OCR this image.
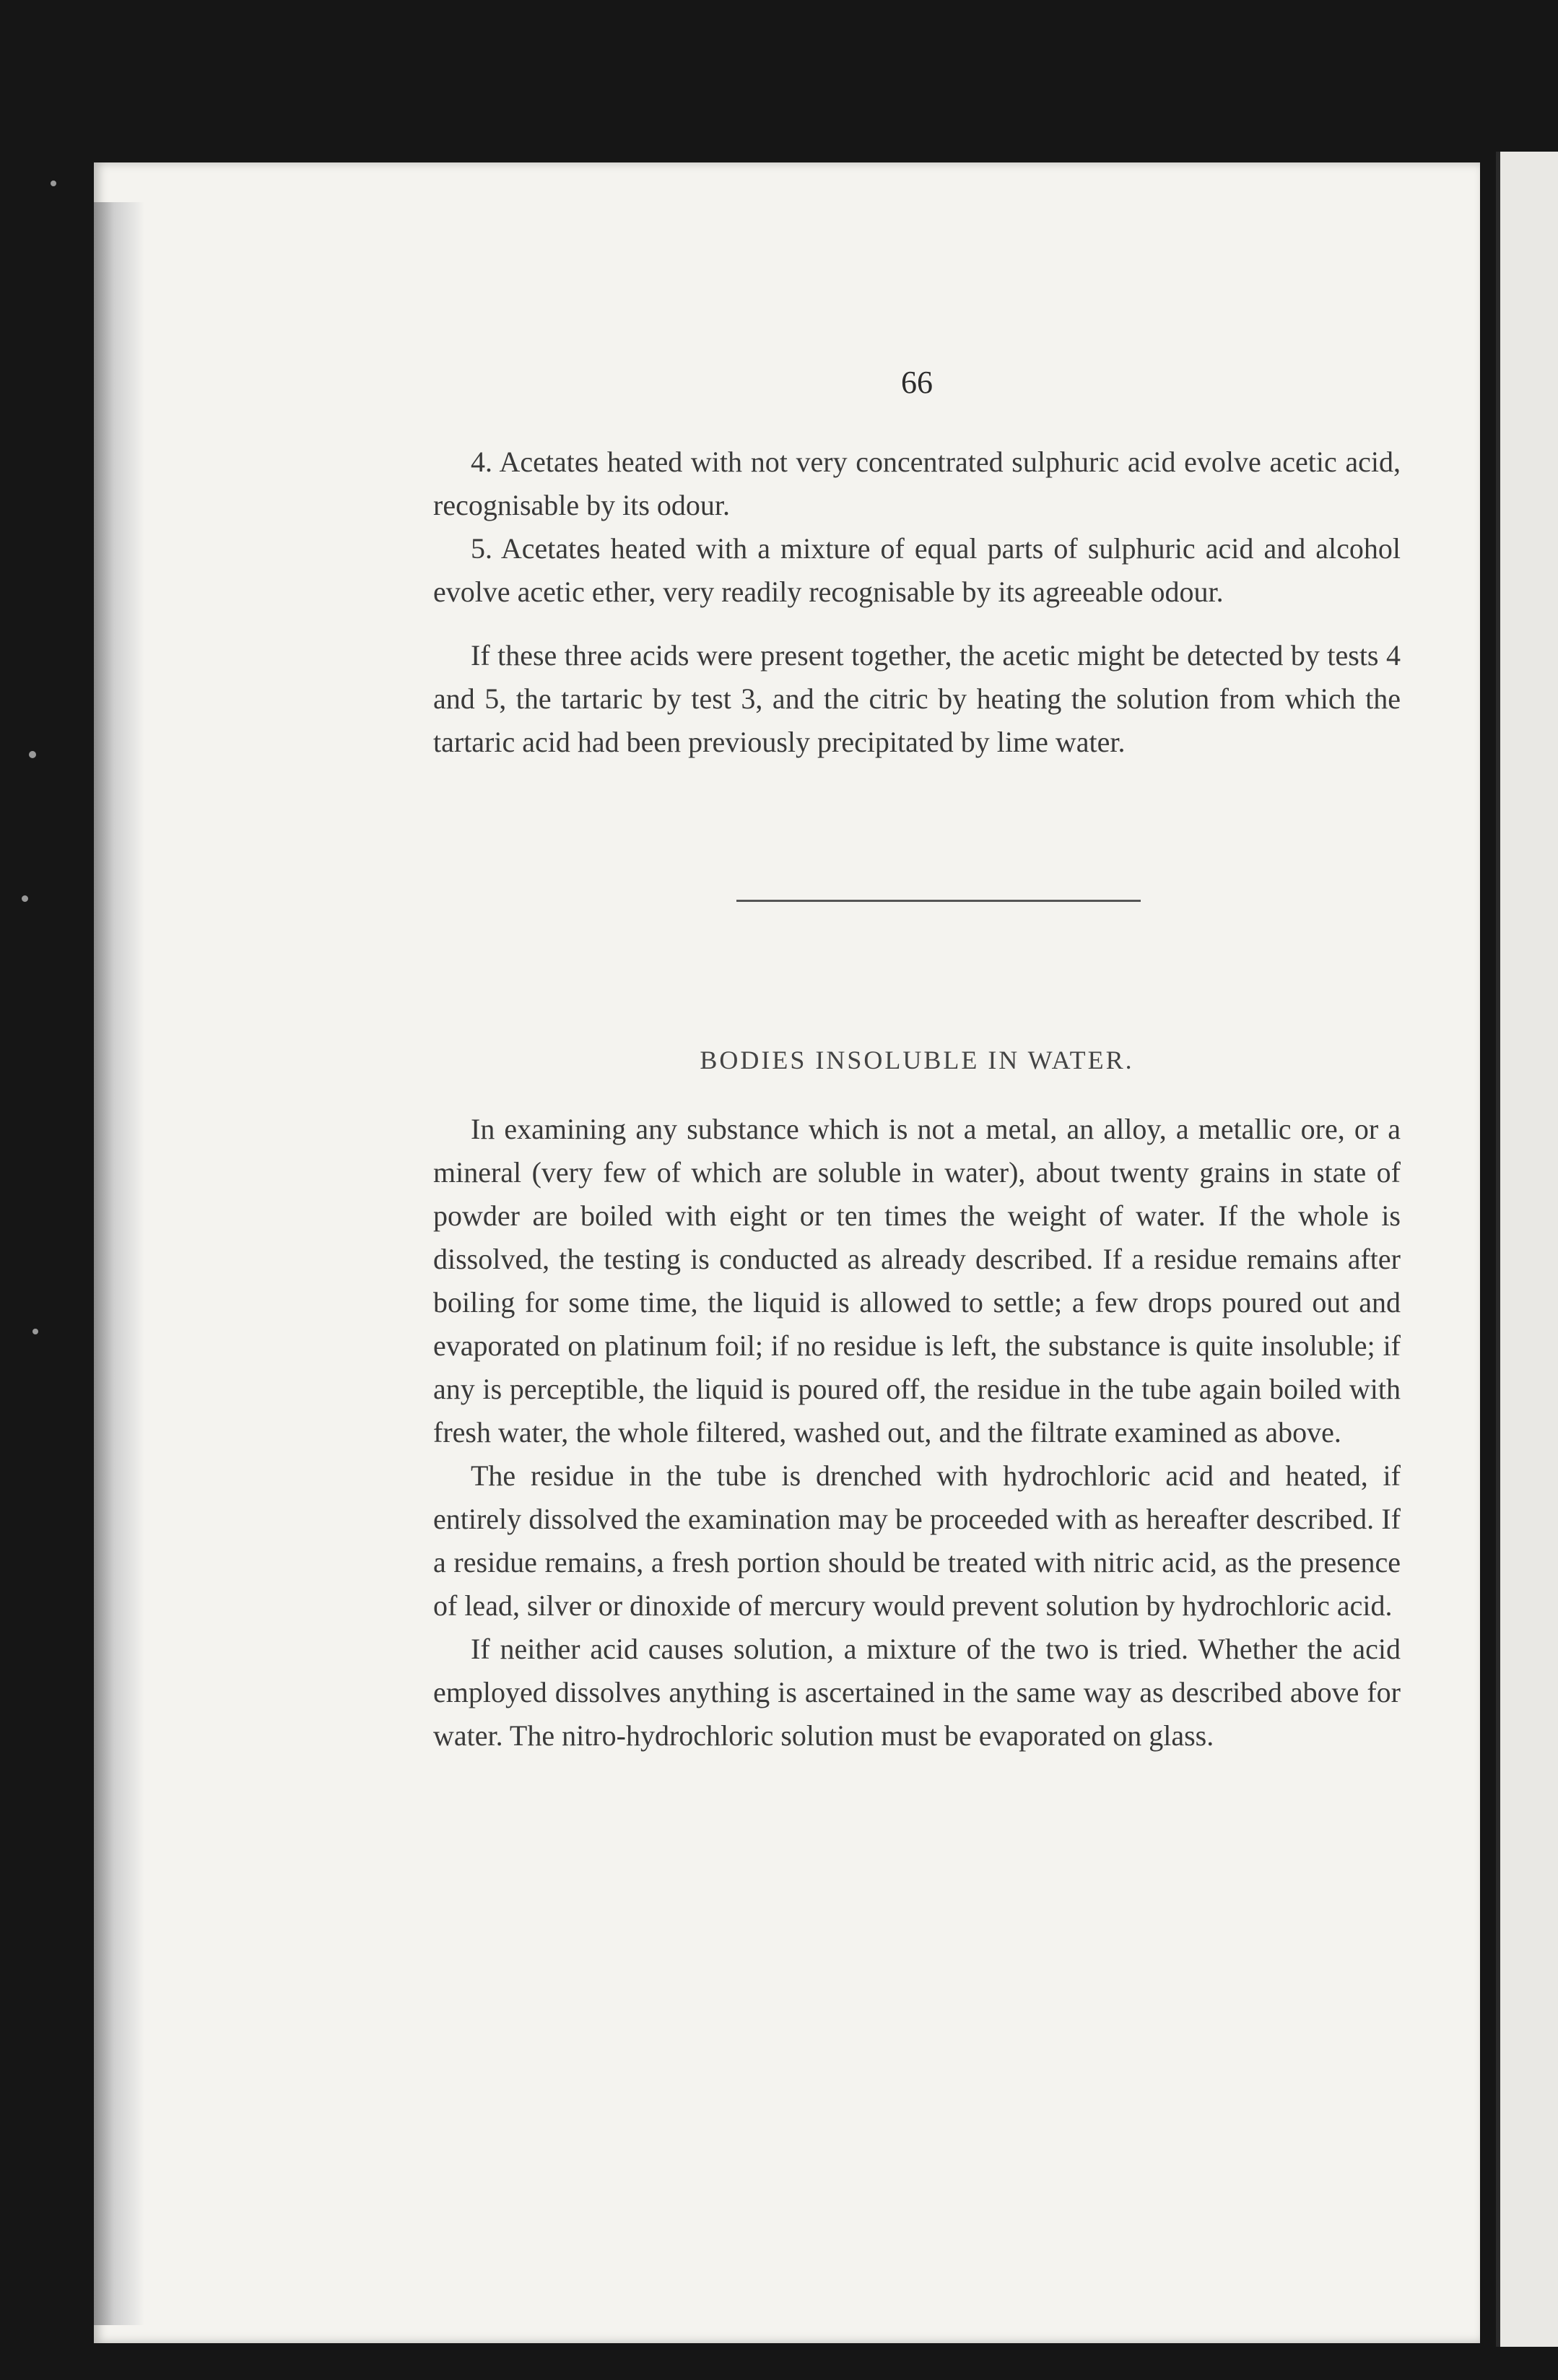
66

4. Acetates heated with not very concentrated sulphuric acid evolve acetic acid, recognisable by its odour.

5. Acetates heated with a mixture of equal parts of sulphuric acid and alcohol evolve acetic ether, very readily recognisable by its agreeable odour.

If these three acids were present together, the acetic might be detected by tests 4 and 5, the tartaric by test 3, and the citric by heating the solution from which the tartaric acid had been previously precipitated by lime water.

BODIES INSOLUBLE IN WATER.

In examining any substance which is not a metal, an alloy, a metallic ore, or a mineral (very few of which are soluble in water), about twenty grains in state of powder are boiled with eight or ten times the weight of water. If the whole is dissolved, the testing is conducted as already described. If a residue remains after boiling for some time, the liquid is allowed to settle; a few drops poured out and evaporated on platinum foil; if no residue is left, the substance is quite insoluble; if any is perceptible, the liquid is poured off, the residue in the tube again boiled with fresh water, the whole filtered, washed out, and the filtrate examined as above.

The residue in the tube is drenched with hydrochloric acid and heated, if entirely dissolved the examination may be proceeded with as hereafter described. If a residue remains, a fresh portion should be treated with nitric acid, as the presence of lead, silver or dinoxide of mercury would prevent solution by hydrochloric acid.

If neither acid causes solution, a mixture of the two is tried. Whether the acid employed dissolves anything is ascertained in the same way as described above for water. The nitro-hydrochloric solution must be evaporated on glass.
